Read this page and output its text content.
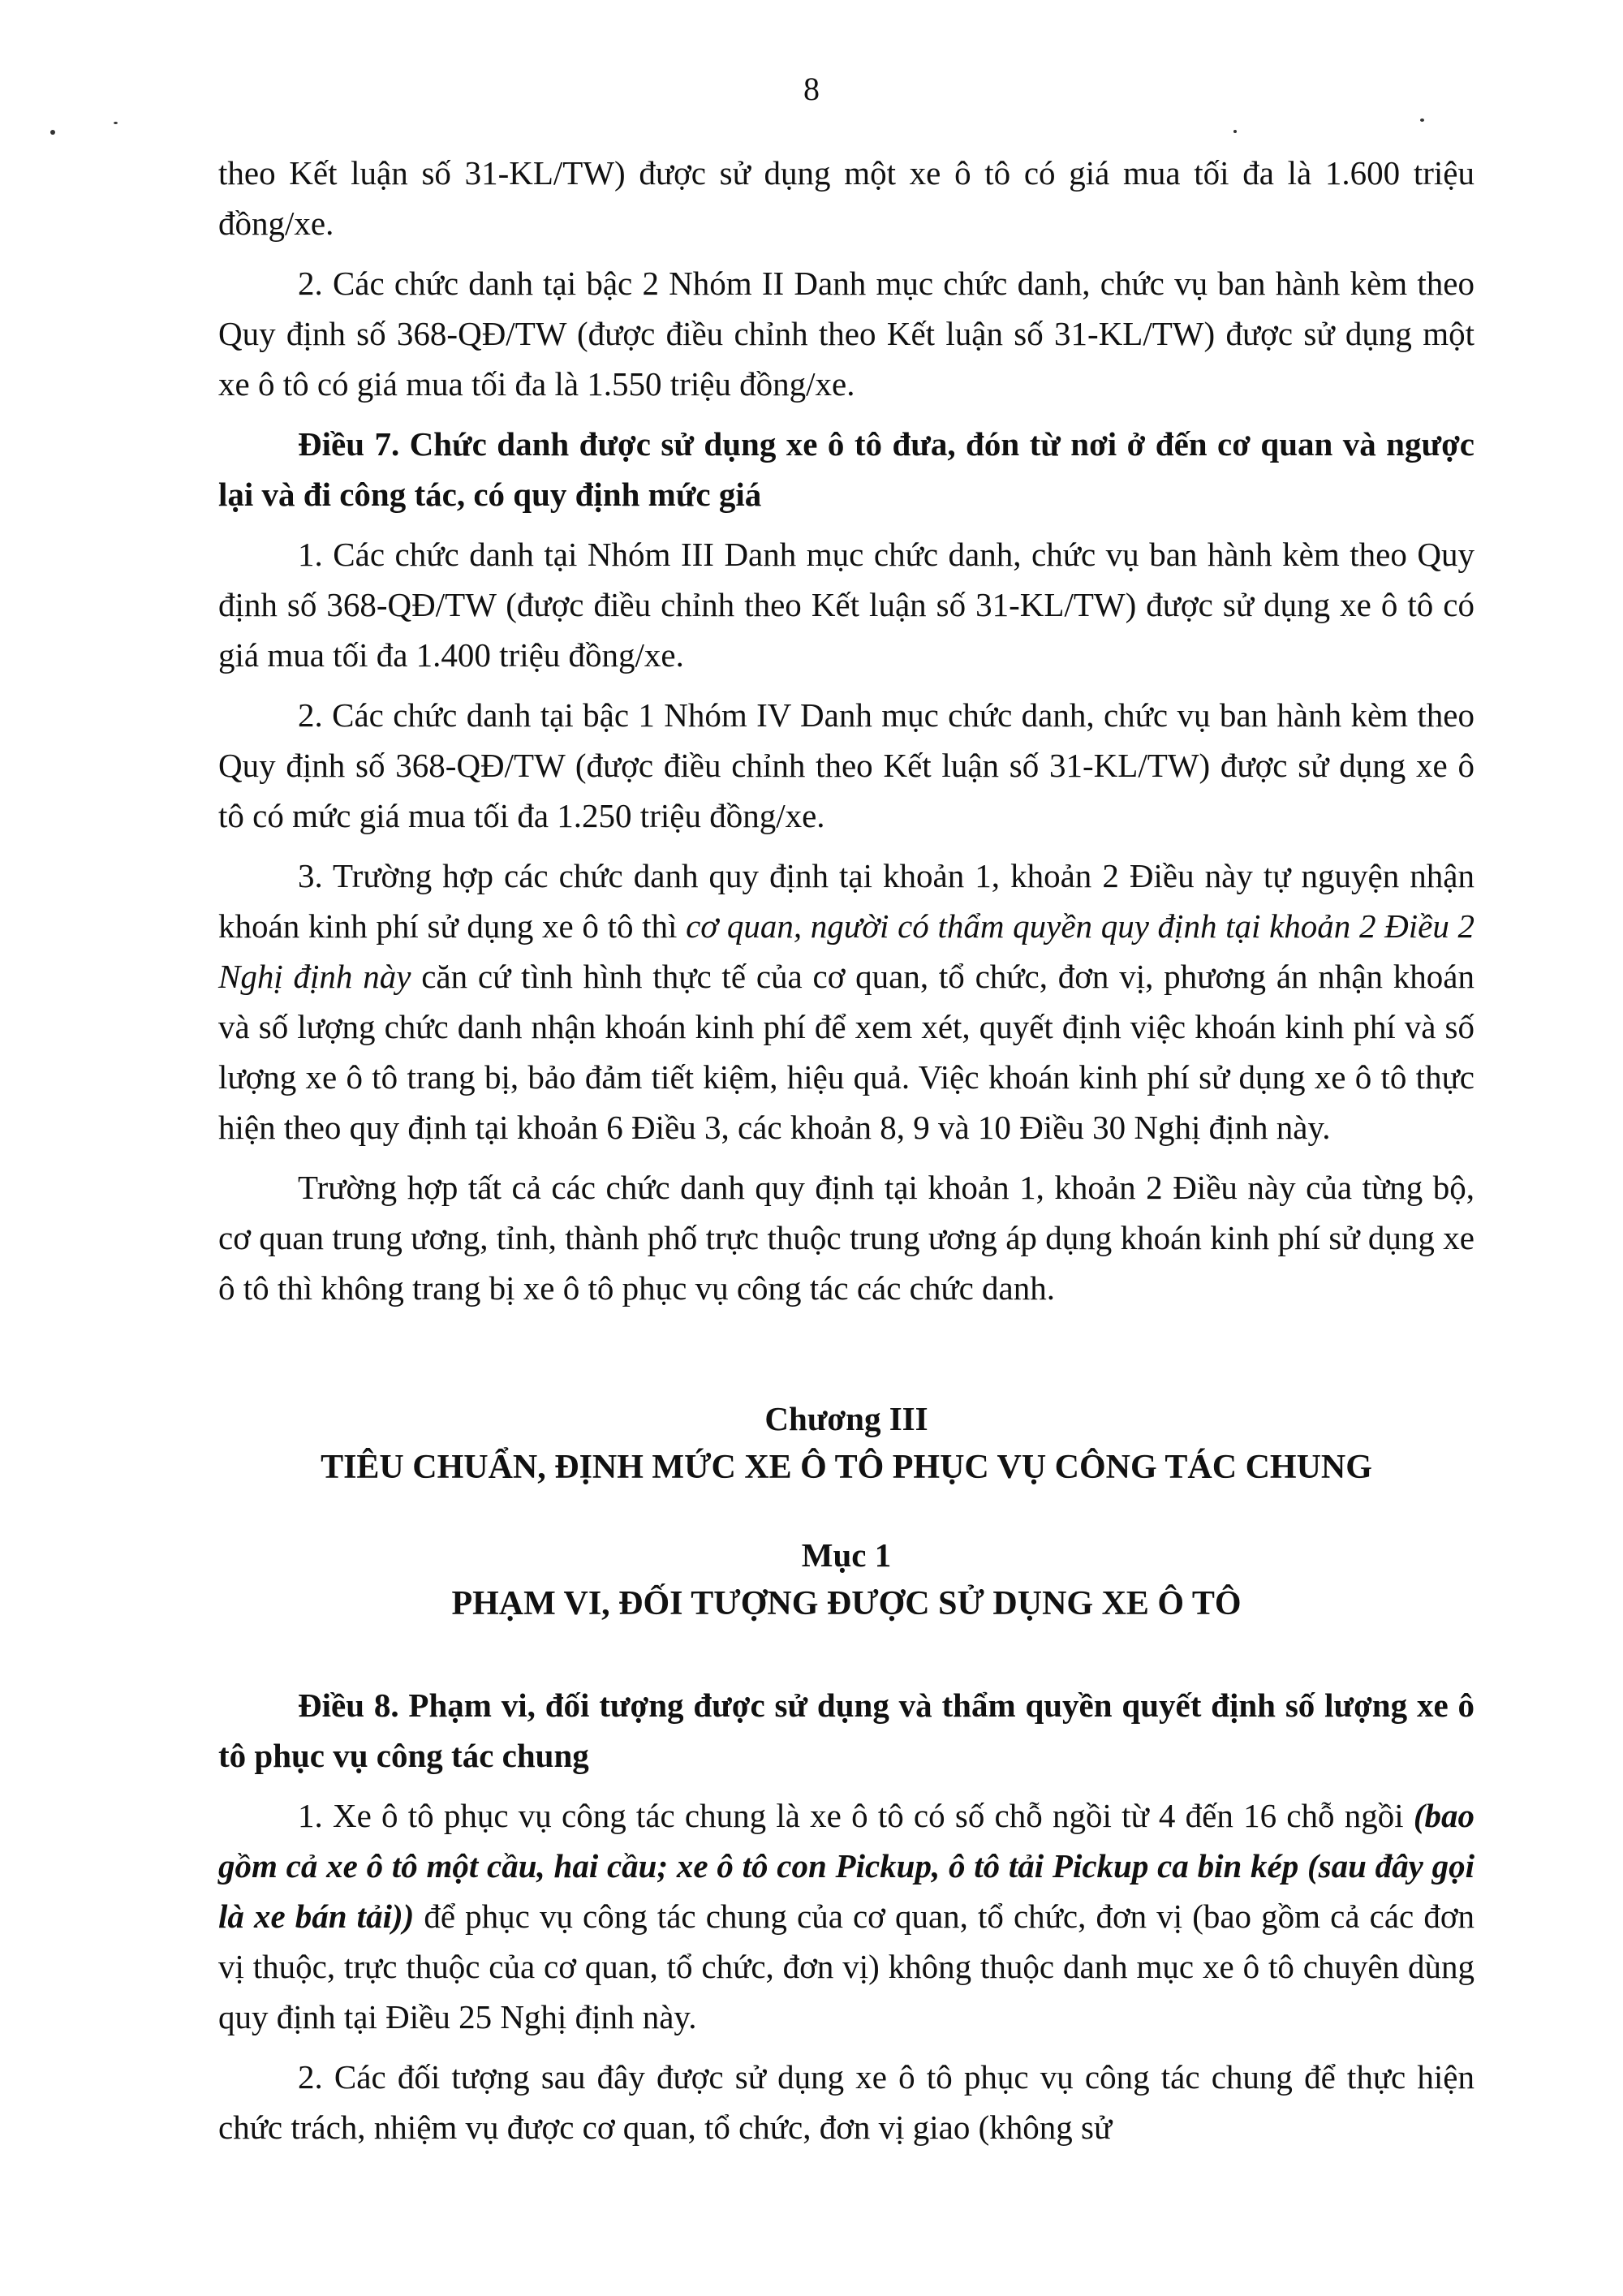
8

theo Kết luận số 31-KL/TW) được sử dụng một xe ô tô có giá mua tối đa là 1.600 triệu đồng/xe.

2. Các chức danh tại bậc 2 Nhóm II Danh mục chức danh, chức vụ ban hành kèm theo Quy định số 368-QĐ/TW (được điều chỉnh theo Kết luận số 31-KL/TW) được sử dụng một xe ô tô có giá mua tối đa là 1.550 triệu đồng/xe.

Điều 7. Chức danh được sử dụng xe ô tô đưa, đón từ nơi ở đến cơ quan và ngược lại và đi công tác, có quy định mức giá

1. Các chức danh tại Nhóm III Danh mục chức danh, chức vụ ban hành kèm theo Quy định số 368-QĐ/TW (được điều chỉnh theo Kết luận số 31-KL/TW) được sử dụng xe ô tô có giá mua tối đa 1.400 triệu đồng/xe.

2. Các chức danh tại bậc 1 Nhóm IV Danh mục chức danh, chức vụ ban hành kèm theo Quy định số 368-QĐ/TW (được điều chỉnh theo Kết luận số 31-KL/TW) được sử dụng xe ô tô có mức giá mua tối đa 1.250 triệu đồng/xe.

3. Trường hợp các chức danh quy định tại khoản 1, khoản 2 Điều này tự nguyện nhận khoán kinh phí sử dụng xe ô tô thì cơ quan, người có thẩm quyền quy định tại khoản 2 Điều 2 Nghị định này căn cứ tình hình thực tế của cơ quan, tổ chức, đơn vị, phương án nhận khoán và số lượng chức danh nhận khoán kinh phí để xem xét, quyết định việc khoán kinh phí và số lượng xe ô tô trang bị, bảo đảm tiết kiệm, hiệu quả. Việc khoán kinh phí sử dụng xe ô tô thực hiện theo quy định tại khoản 6 Điều 3, các khoản 8, 9 và 10 Điều 30 Nghị định này.

Trường hợp tất cả các chức danh quy định tại khoản 1, khoản 2 Điều này của từng bộ, cơ quan trung ương, tỉnh, thành phố trực thuộc trung ương áp dụng khoán kinh phí sử dụng xe ô tô thì không trang bị xe ô tô phục vụ công tác các chức danh.

Chương III
TIÊU CHUẨN, ĐỊNH MỨC XE Ô TÔ PHỤC VỤ CÔNG TÁC CHUNG
Mục 1
PHẠM VI, ĐỐI TƯỢNG ĐƯỢC SỬ DỤNG XE Ô TÔ

Điều 8. Phạm vi, đối tượng được sử dụng và thẩm quyền quyết định số lượng xe ô tô phục vụ công tác chung

1. Xe ô tô phục vụ công tác chung là xe ô tô có số chỗ ngồi từ 4 đến 16 chỗ ngồi (bao gồm cả xe ô tô một cầu, hai cầu; xe ô tô con Pickup, ô tô tải Pickup ca bin kép (sau đây gọi là xe bán tải)) để phục vụ công tác chung của cơ quan, tổ chức, đơn vị (bao gồm cả các đơn vị thuộc, trực thuộc của cơ quan, tổ chức, đơn vị) không thuộc danh mục xe ô tô chuyên dùng quy định tại Điều 25 Nghị định này.

2. Các đối tượng sau đây được sử dụng xe ô tô phục vụ công tác chung để thực hiện chức trách, nhiệm vụ được cơ quan, tổ chức, đơn vị giao (không sử
